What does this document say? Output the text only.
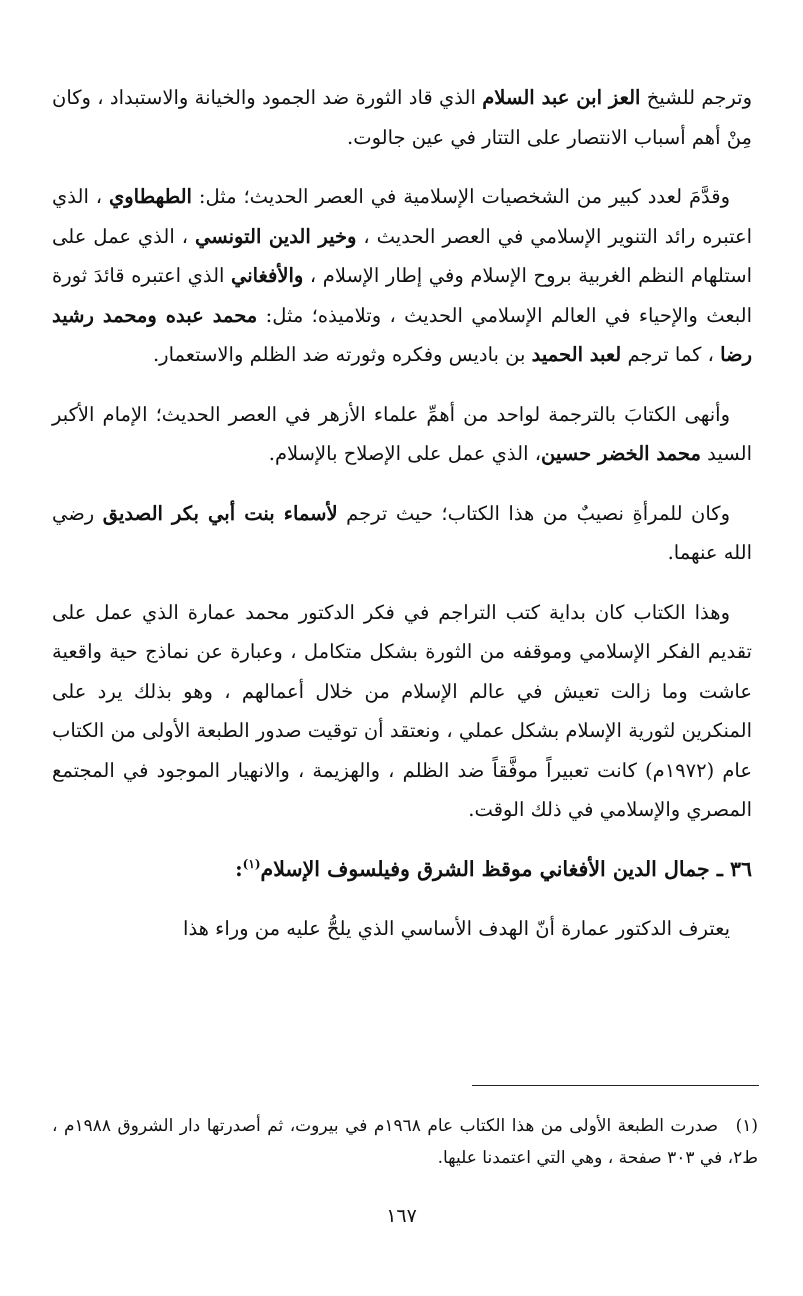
وترجم للشيخ العز ابن عبد السلام الذي قاد الثورة ضد الجمود والخيانة والاستبداد ، وكان مِنْ أهم أسباب الانتصار على التتار في عين جالوت.

وقدَّمَ لعدد كبير من الشخصيات الإسلامية في العصر الحديث؛ مثل: الطهطاوي ، الذي اعتبره رائد التنوير الإسلامي في العصر الحديث ، وخير الدين التونسي ، الذي عمل على استلهام النظم الغربية بروح الإسلام وفي إطار الإسلام ، والأفغاني الذي اعتبره قائدَ ثورة البعث والإحياء في العالم الإسلامي الحديث ، وتلاميذه؛ مثل: محمد عبده ومحمد رشيد رضا ، كما ترجم لعبد الحميد بن باديس وفكره وثورته ضد الظلم والاستعمار.

وأنهى الكتابَ بالترجمة لواحد من أهمِّ علماء الأزهر في العصر الحديث؛ الإمام الأكبر السيد محمد الخضر حسين، الذي عمل على الإصلاح بالإسلام.

وكان للمرأةِ نصيبٌ من هذا الكتاب؛ حيث ترجم لأسماء بنت أبي بكر الصديق رضي الله عنهما.

وهذا الكتاب كان بداية كتب التراجم في فكر الدكتور محمد عمارة الذي عمل على تقديم الفكر الإسلامي وموقفه من الثورة بشكل متكامل ، وعبارة عن نماذج حية واقعية عاشت وما زالت تعيش في عالم الإسلام من خلال أعمالهم ، وهو بذلك يرد على المنكرين لثورية الإسلام بشكل عملي ، ونعتقد أن توقيت صدور الطبعة الأولى من الكتاب عام (١٩٧٢م) كانت تعبيراً موفَّقاً ضد الظلم ، والهزيمة ، والانهيار الموجود في المجتمع المصري والإسلامي في ذلك الوقت.

٣٦ ـ جمال الدين الأفغاني موقظ الشرق وفيلسوف الإسلام$^{(١)}$:

يعترف الدكتور عمارة أنّ الهدف الأساسي الذي يلحُّ عليه من وراء هذا

(١)صدرت الطبعة الأولى من هذا الكتاب عام ١٩٦٨م في بيروت، ثم أصدرتها دار الشروق ١٩٨٨م ، ط٢، في ٣٠٣ صفحة ، وهي التي اعتمدنا عليها.
١٦٧
